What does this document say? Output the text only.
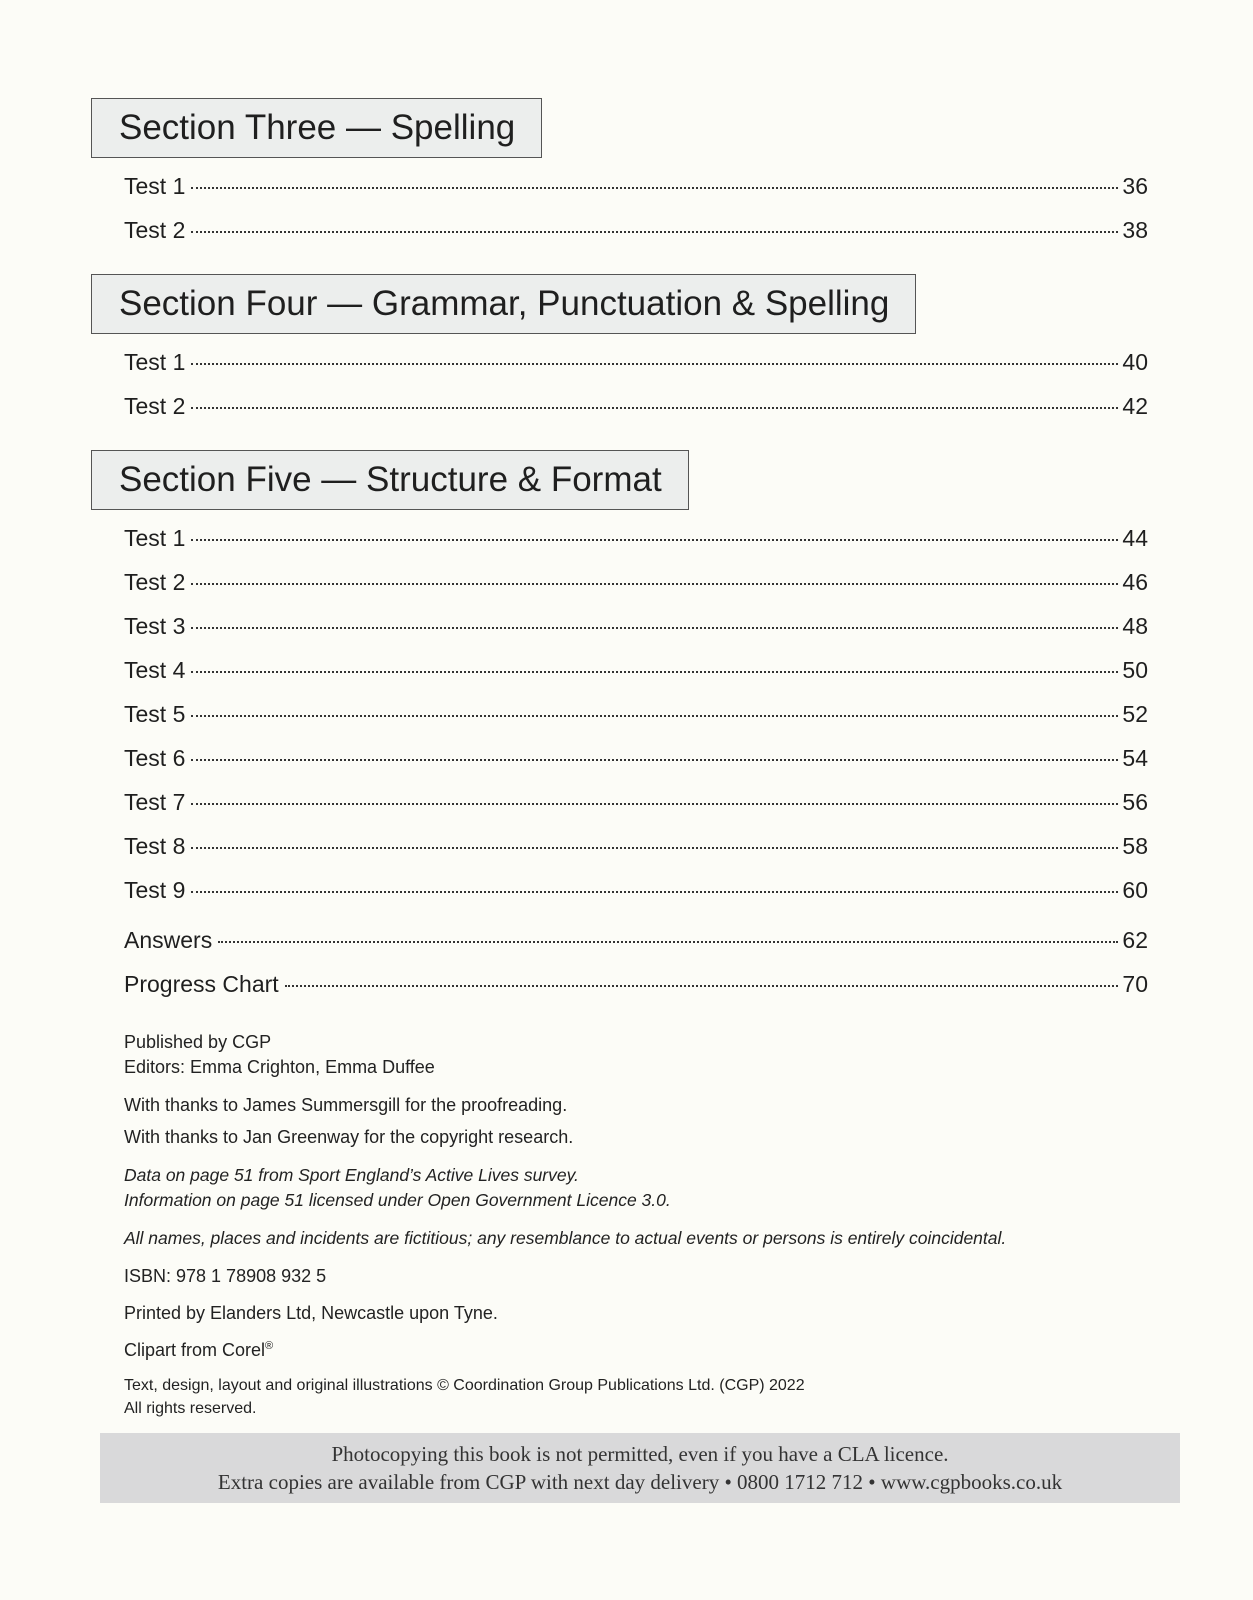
Section Three — Spelling
Test 1	36
Test 2	38
Section Four — Grammar, Punctuation & Spelling
Test 1	40
Test 2	42
Section Five — Structure & Format
Test 1	44
Test 2	46
Test 3	48
Test 4	50
Test 5	52
Test 6	54
Test 7	56
Test 8	58
Test 9	60
Answers	62
Progress Chart	70
Published by CGP
Editors: Emma Crighton, Emma Duffee
With thanks to James Summersgill for the proofreading.
With thanks to Jan Greenway for the copyright research.
Data on page 51 from Sport England’s Active Lives survey.
Information on page 51 licensed under Open Government Licence 3.0.
All names, places and incidents are fictitious; any resemblance to actual events or persons is entirely coincidental.
ISBN: 978 1 78908 932 5
Printed by Elanders Ltd, Newcastle upon Tyne.
Clipart from Corel®
Text, design, layout and original illustrations © Coordination Group Publications Ltd. (CGP) 2022
All rights reserved.
Photocopying this book is not permitted, even if you have a CLA licence.
Extra copies are available from CGP with next day delivery • 0800 1712 712 • www.cgpbooks.co.uk
